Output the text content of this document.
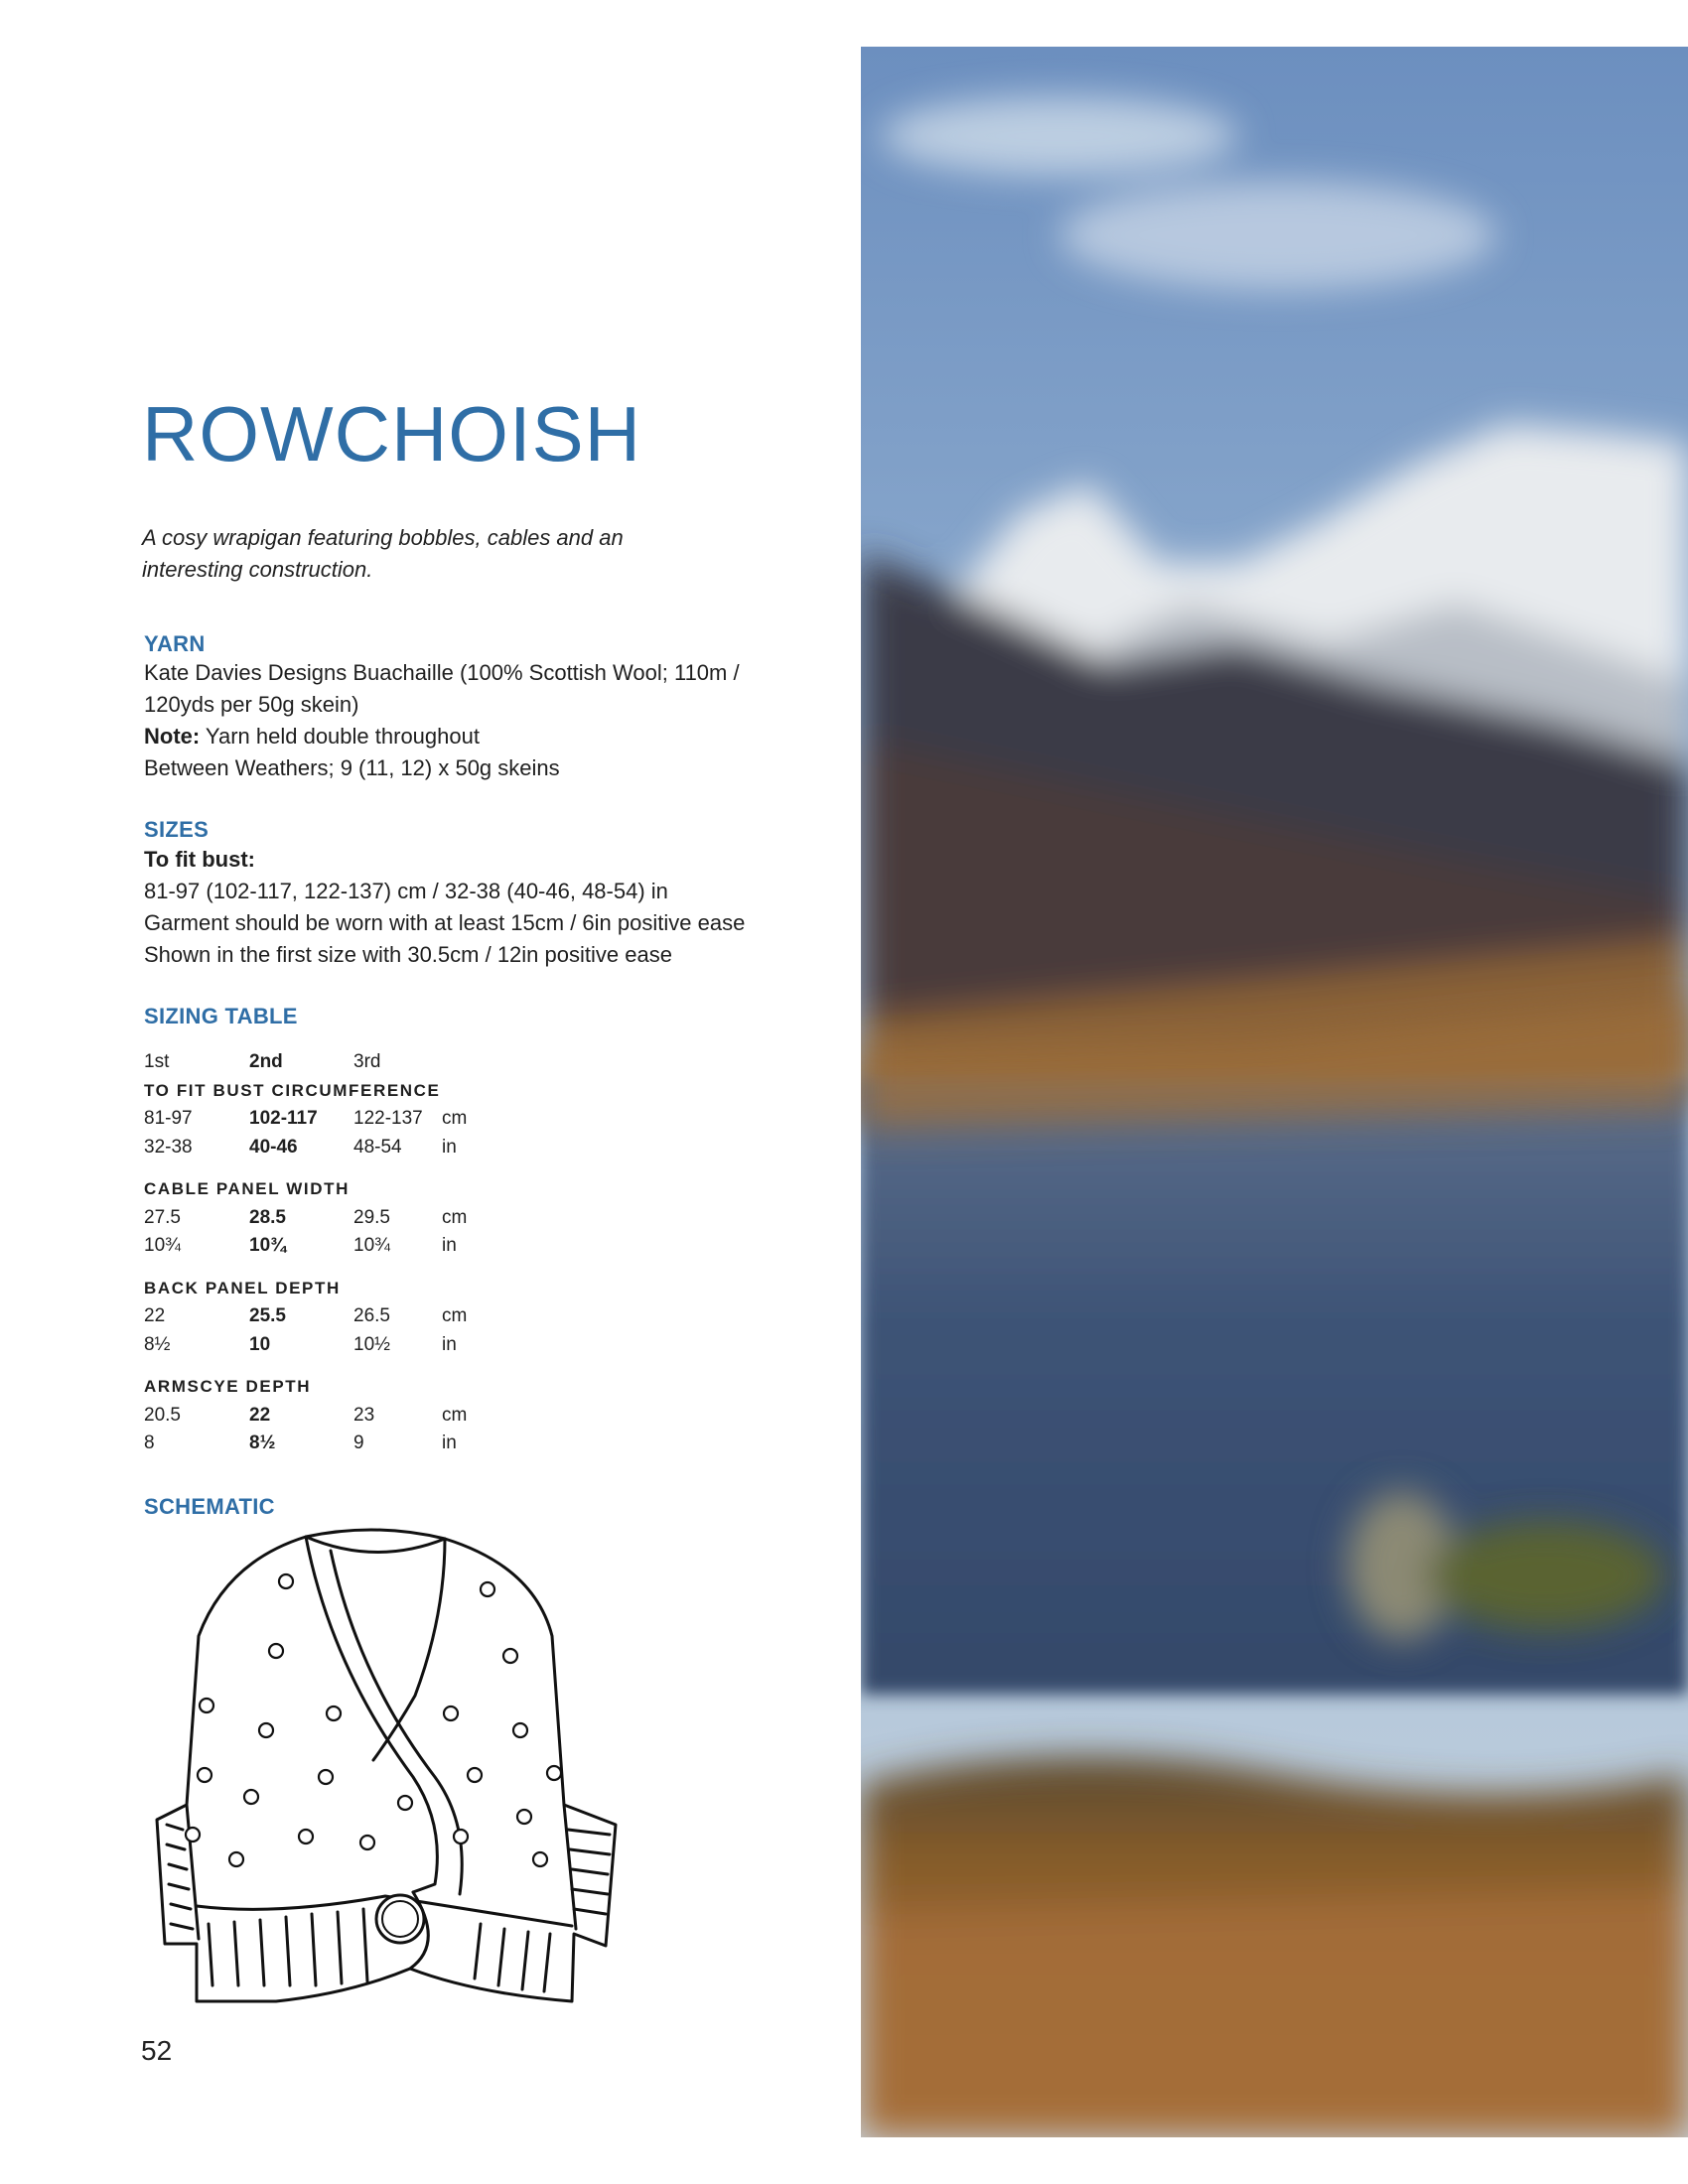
ROWCHOISH
A cosy wrapigan featuring bobbles, cables and an
interesting construction.
YARN
Kate Davies Designs Buachaille (100% Scottish Wool; 110m /
120yds per 50g skein)
Note: Yarn held double throughout
Between Weathers; 9 (11, 12) x 50g skeins
SIZES
To fit bust:
81-97 (102-117, 122-137) cm / 32-38 (40-46, 48-54) in
Garment should be worn with at least 15cm / 6in positive ease
Shown in the first size with 30.5cm / 12in positive ease
SIZING TABLE
1st	2nd	3rd
TO FIT BUST CIRCUMFERENCE
81-97	102-117	122-137	cm
32-38	40-46	48-54	in
CABLE PANEL WIDTH
27.5	28.5	29.5	cm
10¾	10¾	10¾	in
BACK PANEL DEPTH
22	25.5	26.5	cm
8½	10	10½	in
ARMSCYE DEPTH
20.5	22	23	cm
8	8½	9	in
SCHEMATIC
52
